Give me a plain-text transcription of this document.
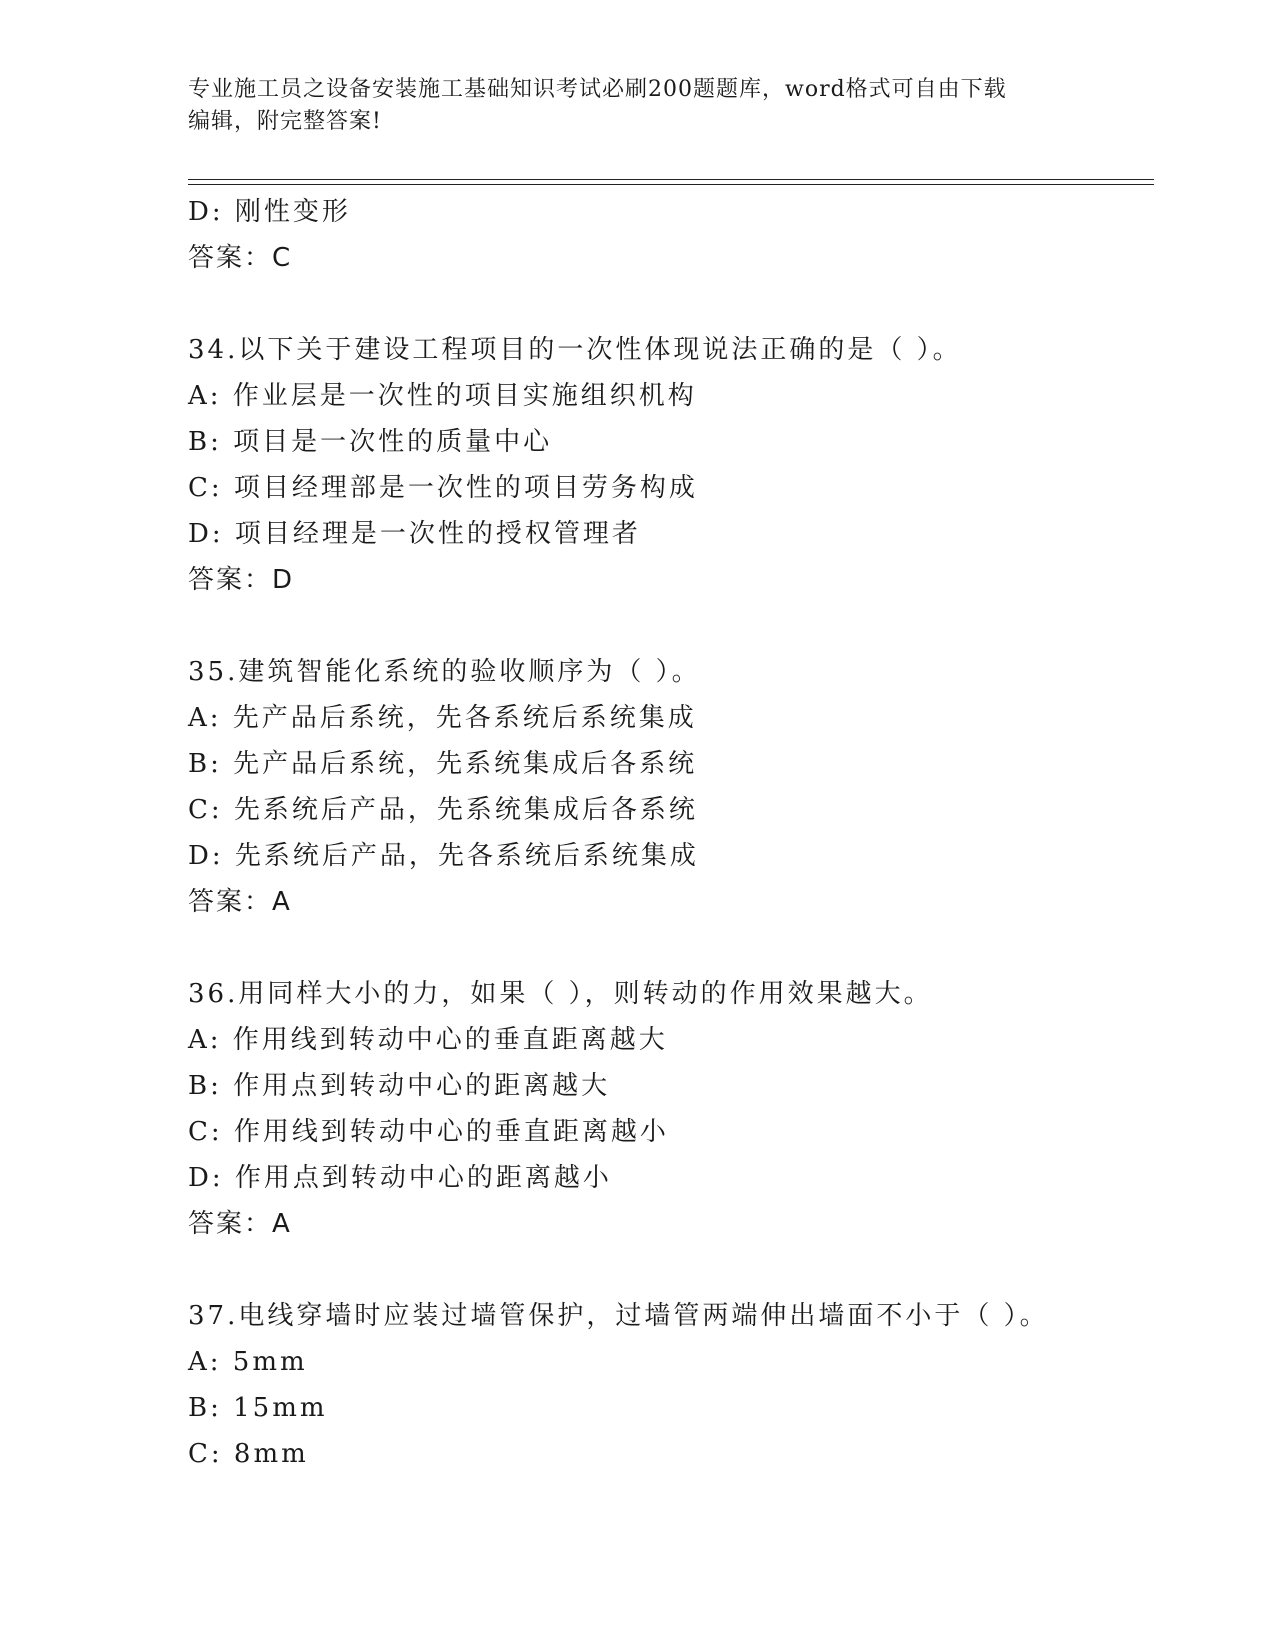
专业施工员之设备安装施工基础知识考试必刷200题题库，word格式可自由下载
编辑，附完整答案!
D: 刚性变形
答案：C
34.以下关于建设工程项目的一次性体现说法正确的是（ ）。
A: 作业层是一次性的项目实施组织机构
B: 项目是一次性的质量中心
C: 项目经理部是一次性的项目劳务构成
D: 项目经理是一次性的授权管理者
答案：D
35.建筑智能化系统的验收顺序为（ ）。
A: 先产品后系统，先各系统后系统集成
B: 先产品后系统，先系统集成后各系统
C: 先系统后产品，先系统集成后各系统
D: 先系统后产品，先各系统后系统集成
答案：A
36.用同样大小的力，如果（ ），则转动的作用效果越大。
A: 作用线到转动中心的垂直距离越大
B: 作用点到转动中心的距离越大
C: 作用线到转动中心的垂直距离越小
D: 作用点到转动中心的距离越小
答案：A
37.电线穿墙时应装过墙管保护，过墙管两端伸出墙面不小于（ ）。
A: 5mm
B: 15mm
C: 8mm
